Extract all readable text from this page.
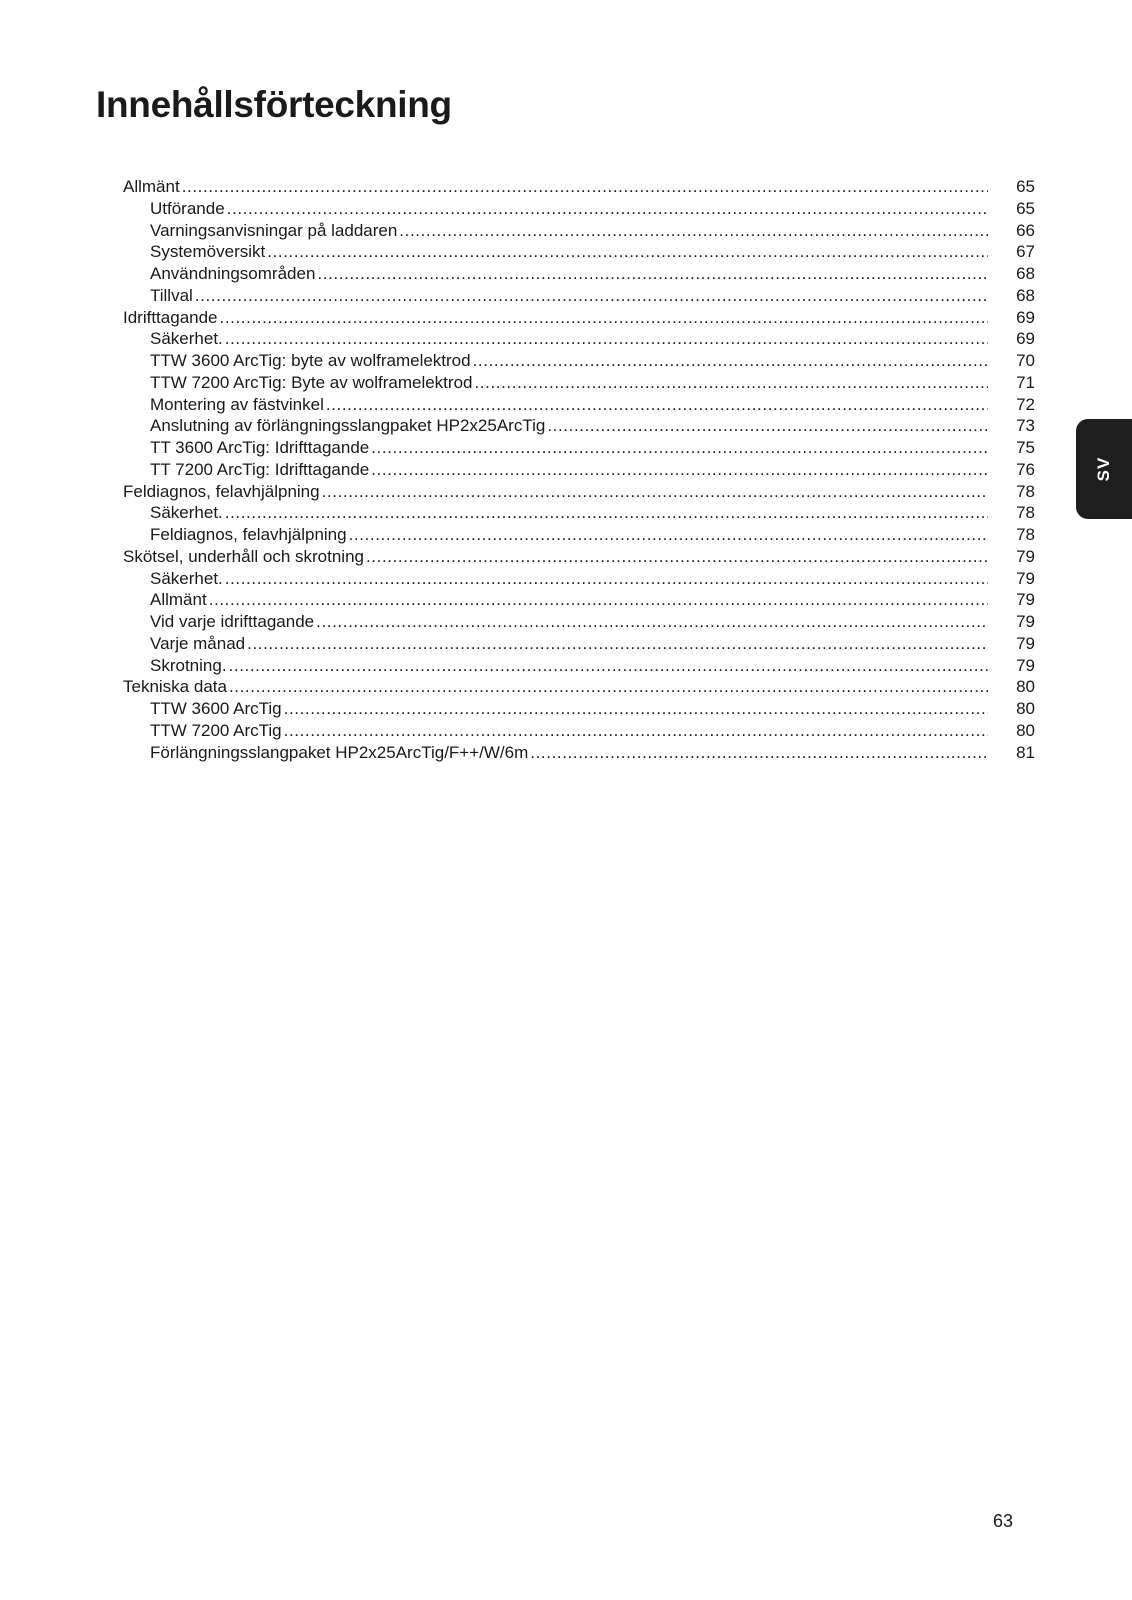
Innehållsförteckning
Allmänt .....	65
Utförande .....	65
Varningsanvisningar på laddaren .....	66
Systemöversikt .....	67
Användningsområden .....	68
Tillval .....	68
Idrifttagande .....	69
Säkerhet. .....	69
TTW 3600 ArcTig: byte av wolframelektrod .....	70
TTW 7200 ArcTig: Byte av wolframelektrod .....	71
Montering av fästvinkel .....	72
Anslutning av förlängningsslangpaket HP2x25ArcTig .....	73
TT 3600 ArcTig: Idrifttagande .....	75
TT 7200 ArcTig: Idrifttagande .....	76
Feldiagnos, felavhjälpning .....	78
Säkerhet. .....	78
Feldiagnos, felavhjälpning .....	78
Skötsel, underhåll och skrotning .....	79
Säkerhet. .....	79
Allmänt .....	79
Vid varje idrifttagande .....	79
Varje månad .....	79
Skrotning. .....	79
Tekniska data .....	80
TTW 3600 ArcTig .....	80
TTW 7200 ArcTig .....	80
Förlängningsslangpaket HP2x25ArcTig/F++/W/6m .....	81
SV
63
